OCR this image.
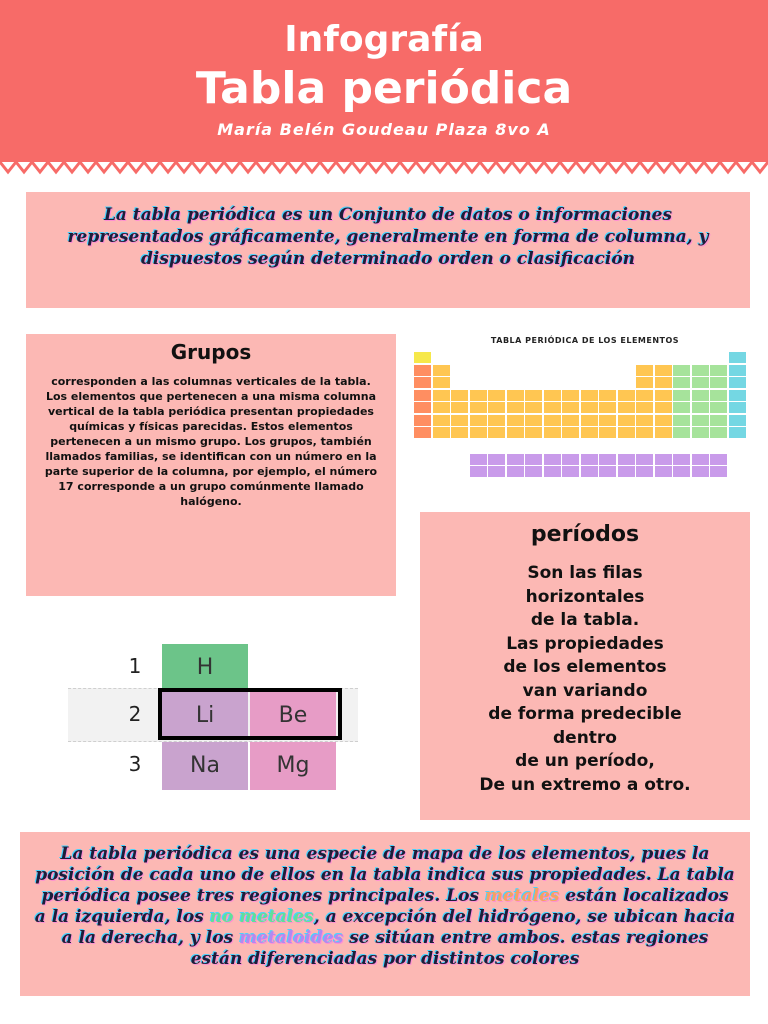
Infografía
Tabla periódica
María Belén Goudeau Plaza 8vo A
La tabla periódica es un Conjunto de datos o informaciones representados gráficamente, generalmente en forma de columna, y dispuestos según determinado orden o clasificación
Grupos

corresponden a las columnas verticales de la tabla. Los elementos que pertenecen a una misma columna vertical de la tabla periódica presentan propiedades químicas y físicas parecidas. Estos elementos pertenecen a un mismo grupo. Los grupos, también llamados familias, se identifican con un número en la parte superior de la columna, por ejemplo, el número 17 corresponde a un grupo comúnmente llamado halógeno.

TABLA PERIÓDICA DE LOS ELEMENTOS
períodos

Son las filas
horizontales
de la tabla.
Las propiedades
de los elementos
van variando
de forma predecible
dentro
de un período,
De un extremo a otro.

1
2
3
H
Li	Be
Na	Mg
La tabla periódica es una especie de mapa de los elementos, pues la posición de cada uno de ellos en la tabla indica sus propiedades. La tabla periódica posee tres regiones principales. Los metales están localizados a la izquierda, los no metales, a excepción del hidrógeno, se ubican hacia a la derecha, y los metaloides se sitúan entre ambos. estas regiones están diferenciadas por distintos colores
